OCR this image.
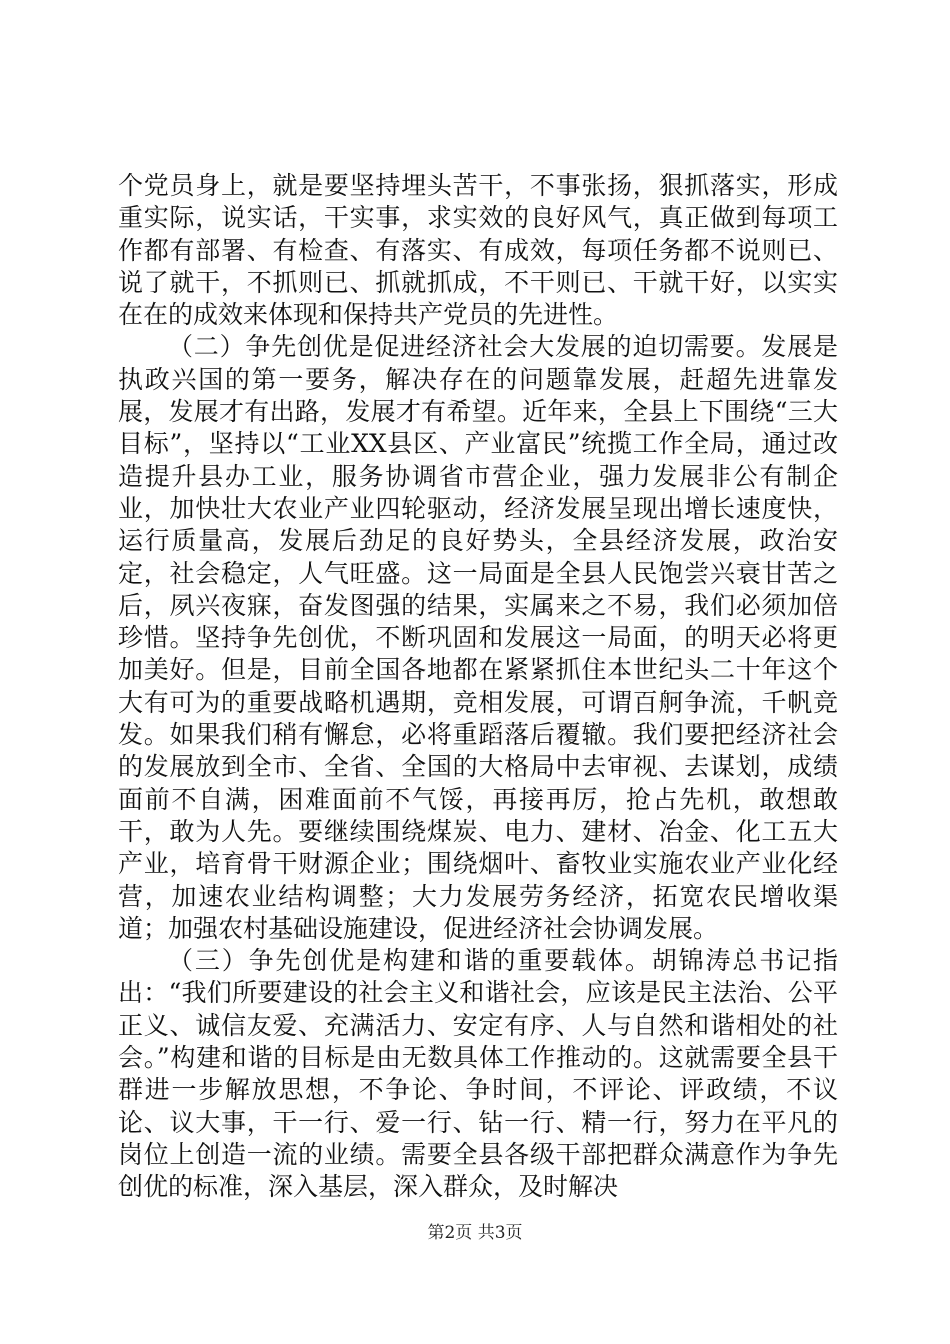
个党员身上，就是要坚持埋头苦干，不事张扬，狠抓落实，形成重实际，说实话，干实事，求实效的良好风气，真正做到每项工作都有部署、有检查、有落实、有成效，每项任务都不说则已、说了就干，不抓则已、抓就抓成，不干则已、干就干好，以实实在在的成效来体现和保持共产党员的先进性。

（二）争先创优是促进经济社会大发展的迫切需要。发展是执政兴国的第一要务，解决存在的问题靠发展，赶超先进靠发展，发展才有出路，发展才有希望。近年来，全县上下围绕“三大目标”，坚持以“工业XX县区、产业富民”统揽工作全局，通过改造提升县办工业，服务协调省市营企业，强力发展非公有制企业，加快壮大农业产业四轮驱动，经济发展呈现出增长速度快，运行质量高，发展后劲足的良好势头，全县经济发展，政治安定，社会稳定，人气旺盛。这一局面是全县人民饱尝兴衰甘苦之后，夙兴夜寐，奋发图强的结果，实属来之不易，我们必须加倍珍惜。坚持争先创优，不断巩固和发展这一局面，的明天必将更加美好。但是，目前全国各地都在紧紧抓住本世纪头二十年这个大有可为的重要战略机遇期，竞相发展，可谓百舸争流，千帆竞发。如果我们稍有懈怠，必将重蹈落后覆辙。我们要把经济社会的发展放到全市、全省、全国的大格局中去审视、去谋划，成绩面前不自满，困难面前不气馁，再接再厉，抢占先机，敢想敢干，敢为人先。要继续围绕煤炭、电力、建材、冶金、化工五大产业，培育骨干财源企业；围绕烟叶、畜牧业实施农业产业化经营，加速农业结构调整；大力发展劳务经济，拓宽农民增收渠道；加强农村基础设施建设，促进经济社会协调发展。

（三）争先创优是构建和谐的重要载体。胡锦涛总书记指出：“我们所要建设的社会主义和谐社会，应该是民主法治、公平正义、诚信友爱、充满活力、安定有序、人与自然和谐相处的社会。”构建和谐的目标是由无数具体工作推动的。这就需要全县干群进一步解放思想，不争论、争时间，不评论、评政绩，不议论、议大事，干一行、爱一行、钻一行、精一行，努力在平凡的岗位上创造一流的业绩。需要全县各级干部把群众满意作为争先创优的标准，深入基层，深入群众，及时解决

第2页 共3页
